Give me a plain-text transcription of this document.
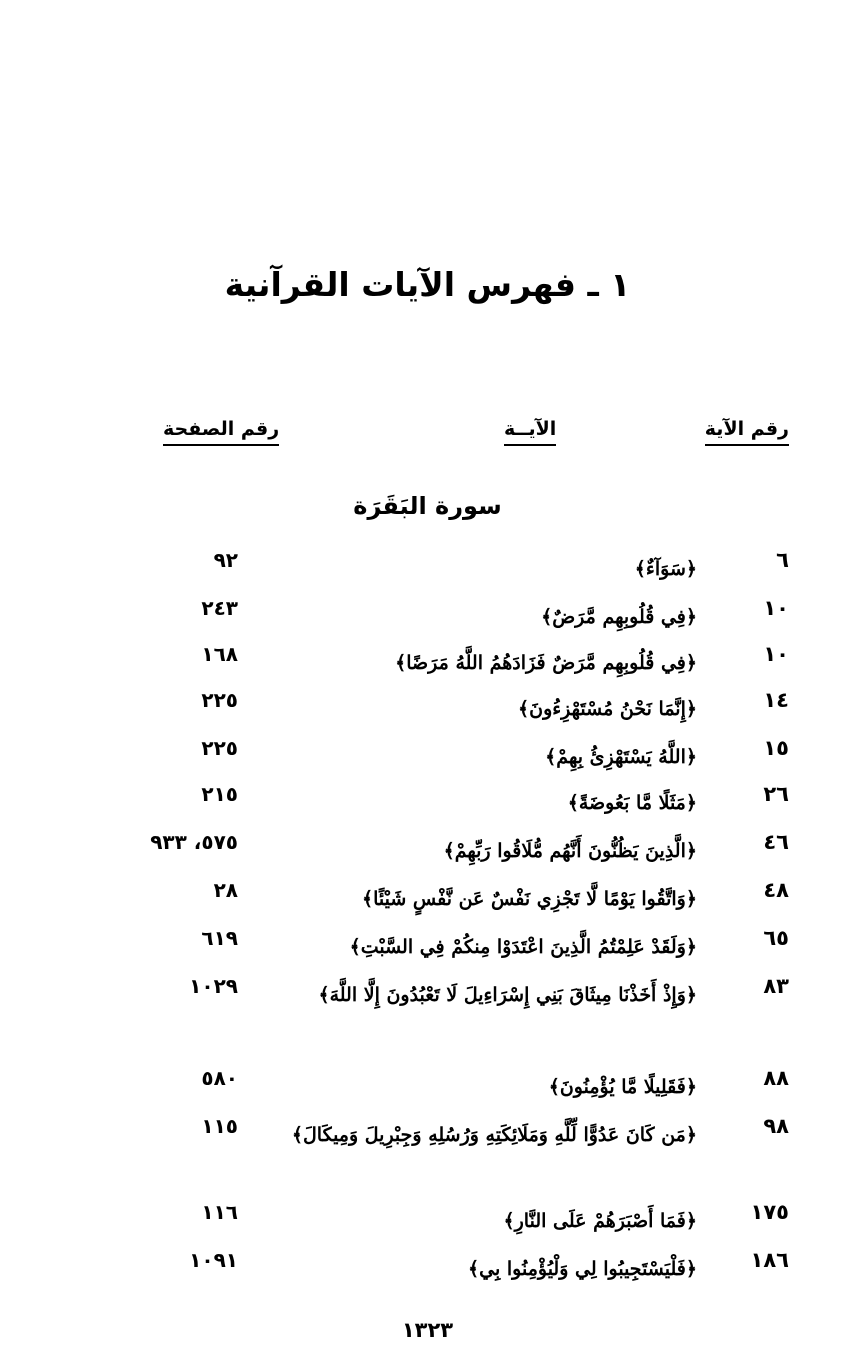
١ ـ فهرس الآيات القرآنية
رقم الآية
الآيــة
رقم الصفحة
سورة البَقَرَة
٦
﴿سَوَآءٌ﴾
٩٢
١٠
﴿فِي قُلُوبِهِم مَّرَضٌ﴾
٢٤٣
١٠
﴿فِي قُلُوبِهِم مَّرَضٌ فَزَادَهُمُ اللَّهُ مَرَضًا﴾
١٦٨
١٤
﴿إِنَّمَا نَحْنُ مُسْتَهْزِءُونَ﴾
٢٢٥
١٥
﴿اللَّهُ يَسْتَهْزِئُ بِهِمْ﴾
٢٢٥
٢٦
﴿مَثَلًا مَّا بَعُوضَةً﴾
٢١٥
٤٦
﴿الَّذِينَ يَظُنُّونَ أَنَّهُم مُّلَاقُوا رَبِّهِمْ﴾
٥٧٥، ٩٣٣
٤٨
﴿وَاتَّقُوا يَوْمًا لَّا تَجْزِي نَفْسٌ عَن نَّفْسٍ شَيْئًا﴾
٢٨
٦٥
﴿وَلَقَدْ عَلِمْتُمُ الَّذِينَ اعْتَدَوْا مِنكُمْ فِي السَّبْتِ﴾
٦١٩
٨٣
﴿وَإِذْ أَخَذْنَا مِيثَاقَ بَنِي إِسْرَاءِيلَ لَا تَعْبُدُونَ إِلَّا اللَّهَ﴾
١٠٢٩
٨٨
﴿فَقَلِيلًا مَّا يُؤْمِنُونَ﴾
٥٨٠
٩٨
﴿مَن كَانَ عَدُوًّا لِّلَّهِ وَمَلَائِكَتِهِ وَرُسُلِهِ وَجِبْرِيلَ وَمِيكَالَ﴾
١١٥
١٧٥
﴿فَمَا أَصْبَرَهُمْ عَلَى النَّارِ﴾
١١٦
١٨٦
﴿فَلْيَسْتَجِيبُوا لِي وَلْيُؤْمِنُوا بِي﴾
١٠٩١
١٣٢٣
